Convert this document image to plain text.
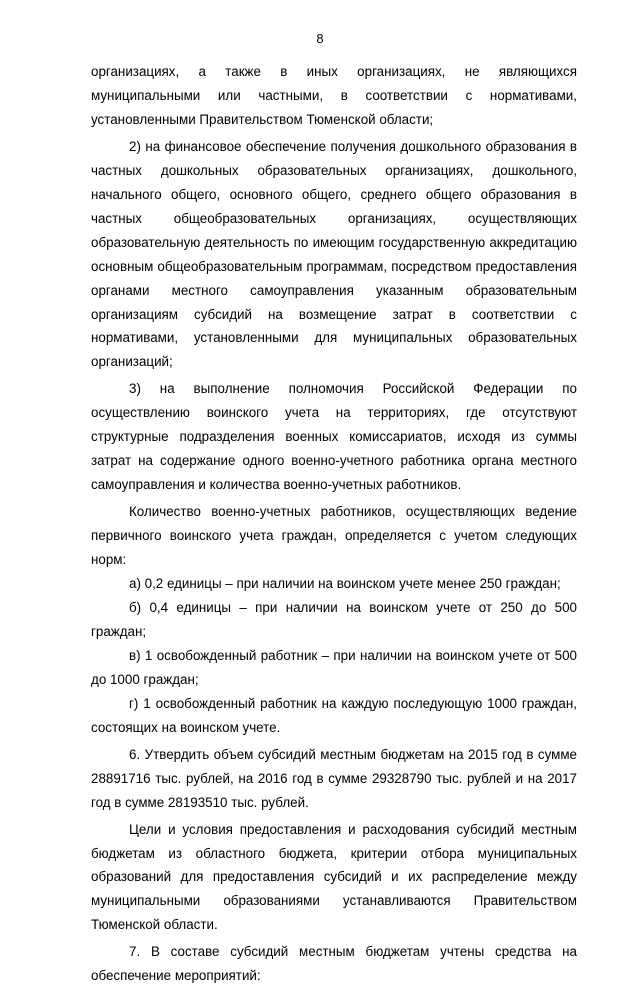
8

организациях, а также в иных организациях, не являющихся муниципальными или частными, в соответствии с нормативами, установленными Правительством Тюменской области;

2) на финансовое обеспечение получения дошкольного образования в частных дошкольных образовательных организациях, дошкольного, начального общего, основного общего, среднего общего образования в частных общеобразовательных организациях, осуществляющих образовательную деятельность по имеющим государственную аккредитацию основным общеобразовательным программам, посредством предоставления органами местного самоуправления указанным образовательным организациям субсидий на возмещение затрат в соответствии с нормативами, установленными для муниципальных образовательных организаций;

3) на выполнение полномочия Российской Федерации по осуществлению воинского учета на территориях, где отсутствуют структурные подразделения военных комиссариатов, исходя из суммы затрат на содержание одного военно-учетного работника органа местного самоуправления и количества военно-учетных работников.

Количество военно-учетных работников, осуществляющих ведение первичного воинского учета граждан, определяется с учетом следующих норм:

а) 0,2 единицы – при наличии на воинском учете менее 250 граждан;

б) 0,4 единицы – при наличии на воинском учете от 250 до 500 граждан;

в) 1 освобожденный работник – при наличии на воинском учете от 500 до 1000 граждан;

г) 1 освобожденный работник на каждую последующую 1000 граждан, состоящих на воинском учете.

6. Утвердить объем субсидий местным бюджетам на 2015 год в сумме 28891716 тыс. рублей, на 2016 год в сумме 29328790 тыс. рублей и на 2017 год в сумме 28193510 тыс. рублей.

Цели и условия предоставления и расходования субсидий местным бюджетам из областного бюджета, критерии отбора муниципальных образований для предоставления субсидий и их распределение между муниципальными образованиями устанавливаются Правительством Тюменской области.

7. В составе субсидий местным бюджетам учтены средства на обеспечение мероприятий:
